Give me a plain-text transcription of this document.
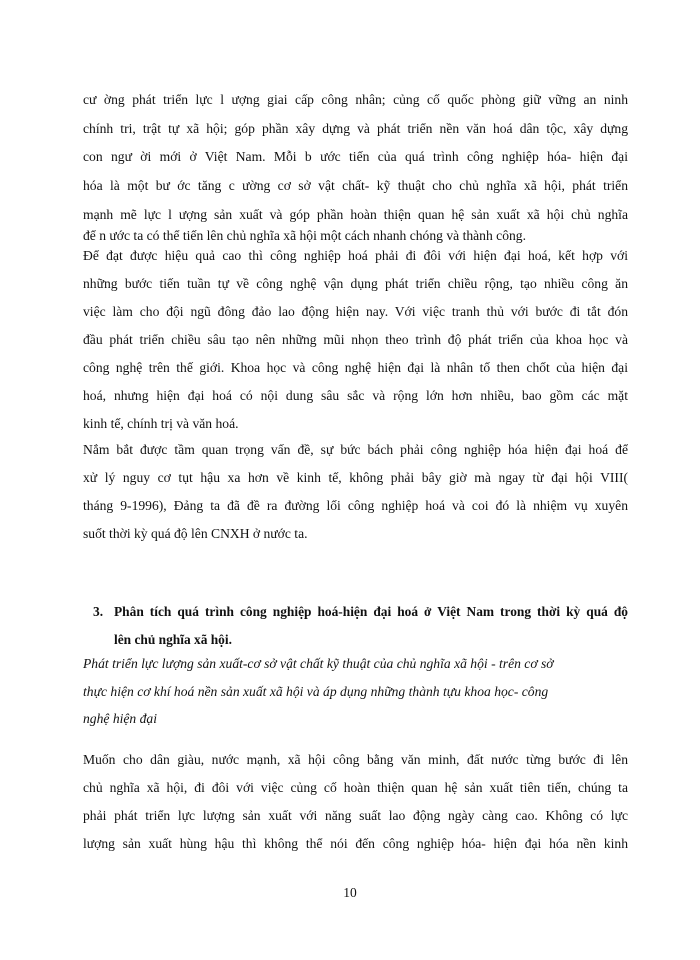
cư ờng phát triển lực l ượng giai cấp công nhân; củng cố quốc phòng giữ vững an ninh
chính tri, trật tự xã hội; góp phần xây dựng và phát triển nền văn hoá dân tộc, xây dựng
con ngư ời mới ở Việt Nam. Mỗi b ước tiến của quá trình công nghiệp hóa- hiện đại
hóa là một bư ớc tăng c ường cơ sở vật chất- kỹ thuật cho chủ nghĩa xã hội, phát triển
mạnh mẽ lực l ượng sản xuất và góp phần hoàn thiện quan hệ sản xuất xã hội chủ nghĩa
để n ước ta có thể tiến lên chủ nghĩa xã hội một cách nhanh chóng và thành công.
Để đạt được hiệu quả cao thì công nghiệp hoá phải đi đôi với hiện đại hoá, kết hợp với
những bước tiến tuần tự về công nghệ vận dụng phát triển chiều rộng, tạo nhiều công ăn
việc làm cho đội ngũ đông đảo lao động hiện nay. Với việc tranh thủ với bước đi tắt đón
đầu phát triển chiều sâu tạo nên những mũi nhọn theo trình độ phát triển của khoa học và
công nghệ trên thế giới. Khoa học và công nghệ hiện đại là nhân tố then chốt của hiện đại
hoá, nhưng hiện đại hoá có nội dung sâu sắc và rộng lớn hơn nhiều, bao gồm các mặt
kinh tế, chính trị và văn hoá.
Nắm bắt được tầm quan trọng vấn đề, sự bức bách phải công nghiệp hóa hiện đại hoá để
xử lý nguy cơ tụt hậu xa hơn về kinh tế, không phải bây giờ mà ngay từ đại hội VIII(
tháng 9-1996), Đảng ta đã đề ra đường lối công nghiệp hoá và coi đó là nhiệm vụ xuyên
suốt thời kỳ quá độ lên CNXH ở nước ta.
3. Phân tích quá trình công nghiệp hoá-hiện đại hoá ở Việt Nam trong thời kỳ quá độ
lên chủ nghĩa xã hội.
Phát triển lực lượng sản xuất-cơ sở vật chất kỹ thuật của chủ nghĩa xã hội - trên cơ sở
thực hiện cơ khí hoá nền sản xuất xã hội và áp dụng những thành tựu khoa học- công
nghệ hiện đại
Muốn cho dân giàu, nước mạnh, xã hội công bằng văn minh, đất nước từng bước đi lên
chủ nghĩa xã hội, đi đôi với việc củng cố hoàn thiện quan hệ sản xuất tiên tiến, chúng ta
phải phát triển lực lượng sản xuất với năng suất lao động ngày càng cao. Không có lực
lượng sản xuất hùng hậu thì không thể nói đến công nghiệp hóa- hiện đại hóa nền kinh
10
